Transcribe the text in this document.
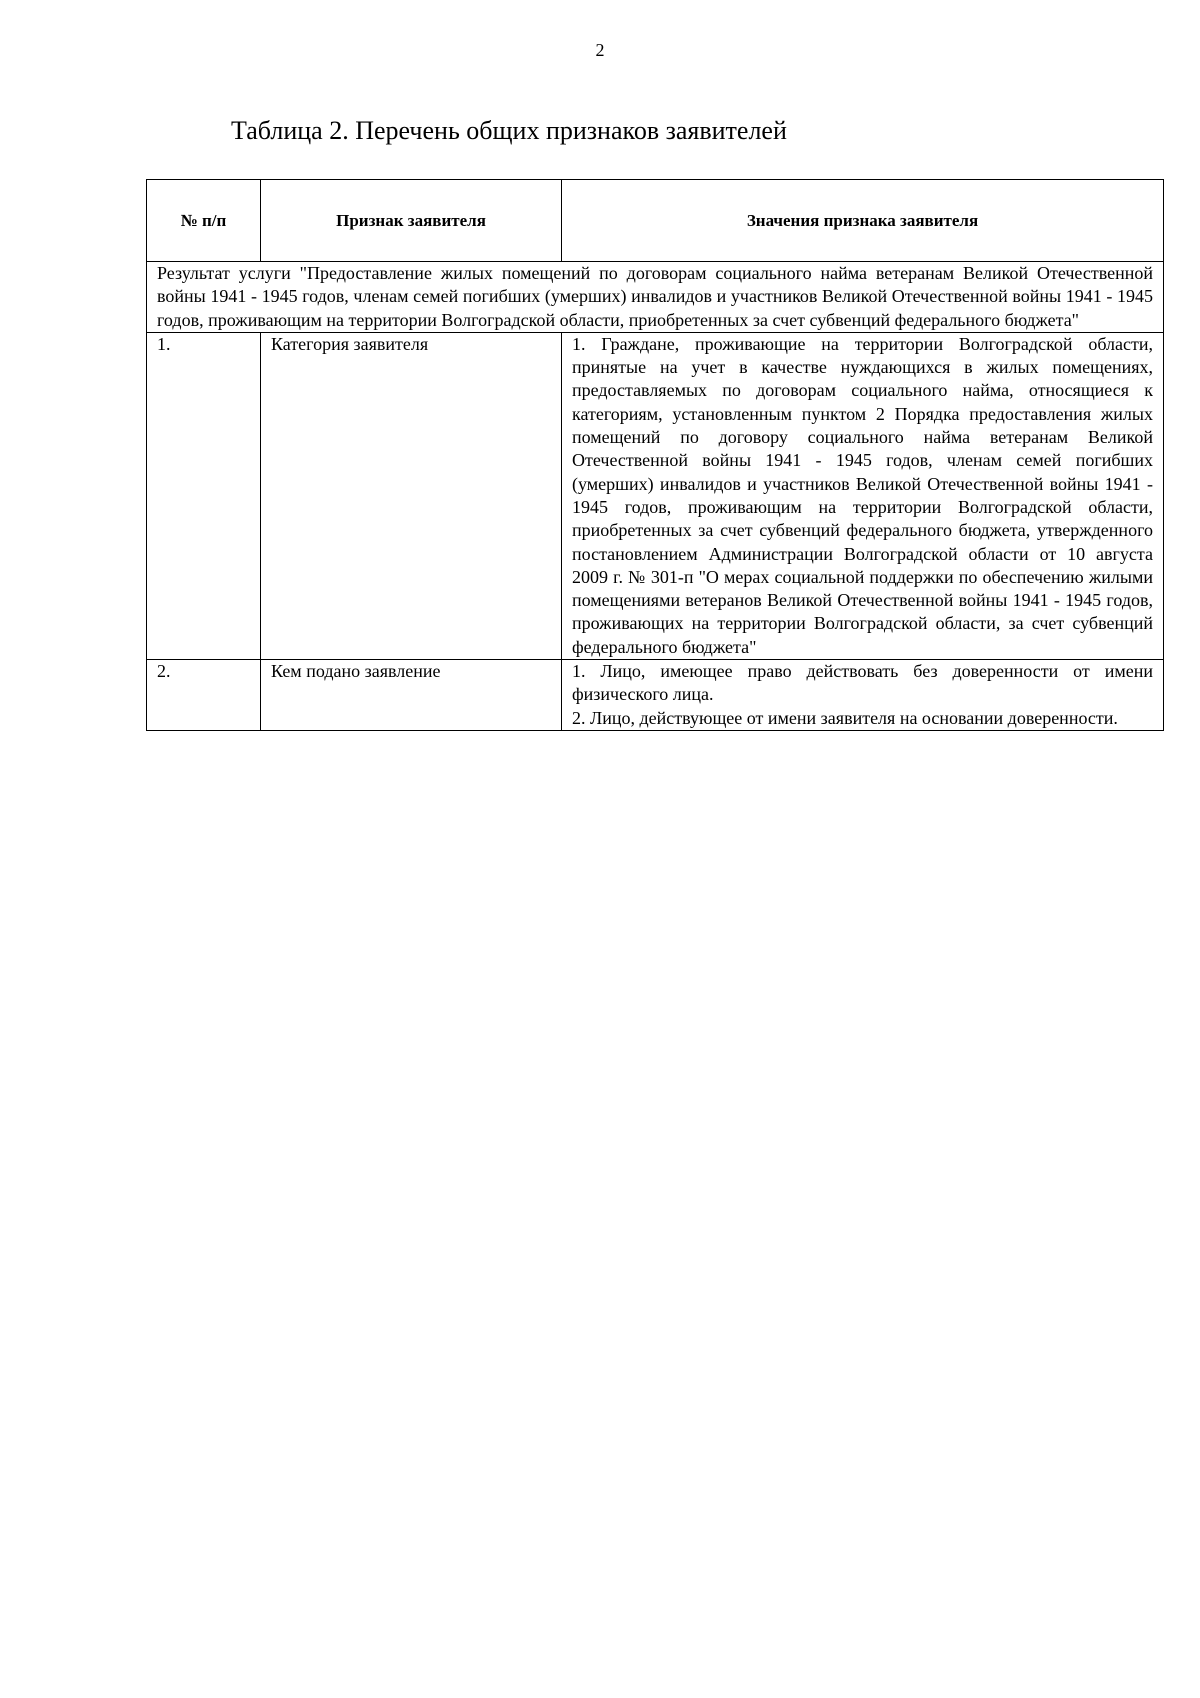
2
Таблица 2. Перечень общих признаков заявителей
№ п/п	Признак заявителя	Значения признака заявителя
Результат услуги "Предоставление жилых помещений по договорам социального найма ветеранам Великой Отечественной войны 1941 - 1945 годов, членам семей погибших (умерших) инвалидов и участников Великой Отечественной войны 1941 - 1945 годов, проживающим на территории Волгоградской области, приобретенных за счет субвенций федерального бюджета"		
1.	Категория заявителя	1. Граждане, проживающие на территории Волгоградской области, принятые на учет в качестве нуждающихся в жилых помещениях, предоставляемых по договорам социального найма, относящиеся к категориям, установленным пунктом 2 Порядка предоставления жилых помещений по договору социального найма ветеранам Великой Отечественной войны 1941 - 1945 годов, членам семей погибших (умерших) инвалидов и участников Великой Отечественной войны 1941 - 1945 годов, проживающим на территории Волгоградской области, приобретенных за счет субвенций федерального бюджета, утвержденного постановлением Администрации Волгоградской области от 10 августа 2009 г. № 301-п "О мерах социальной поддержки по обеспечению жилыми помещениями ветеранов Великой Отечественной войны 1941 - 1945 годов, проживающих на территории Волгоградской области, за счет субвенций федерального бюджета"

2.	Кем подано заявление	1. Лицо, имеющее право действовать без доверенности от имени физического лица.
2. Лицо, действующее от имени заявителя на основании доверенности.
